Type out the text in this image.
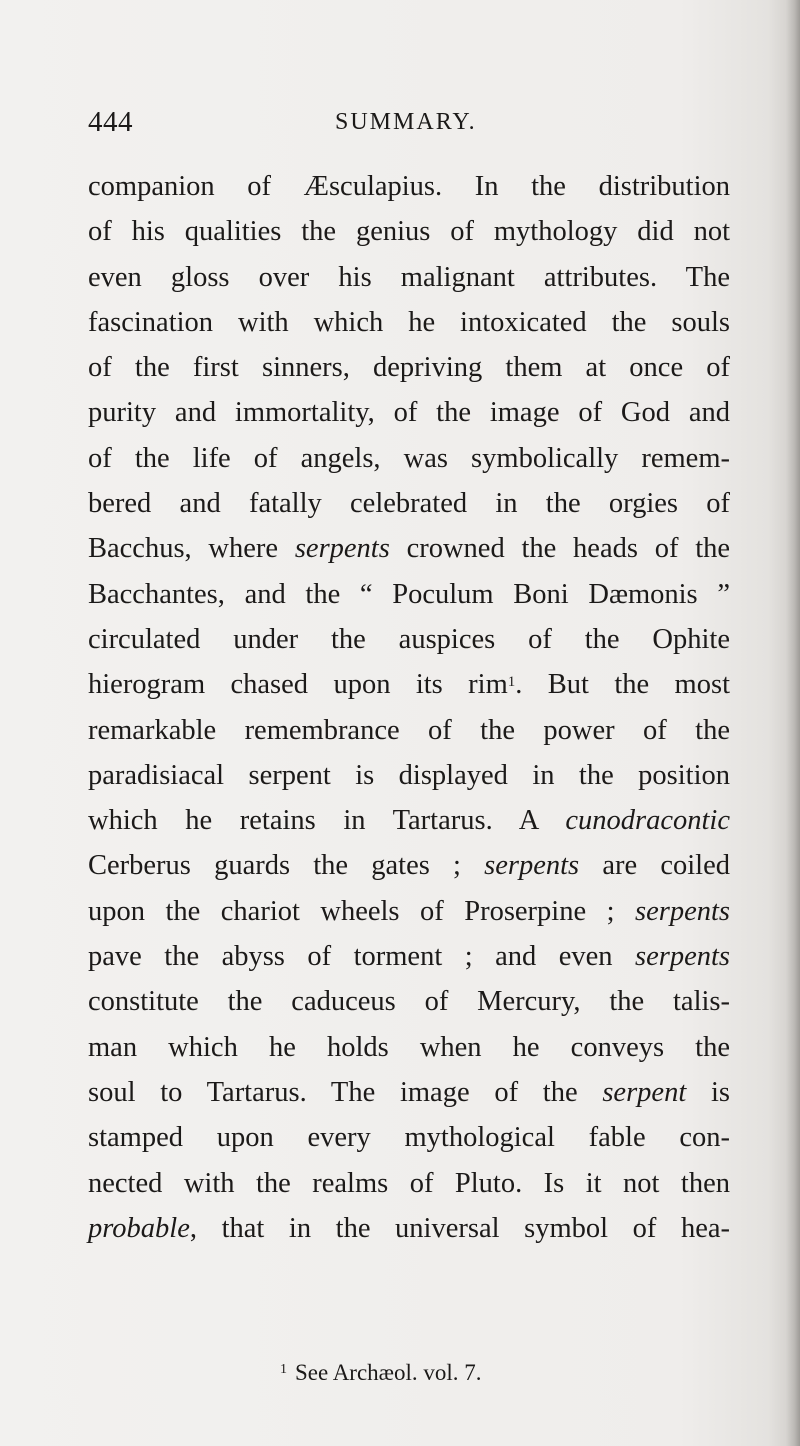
444	SUMMARY.
companion of Æsculapius. In the distribution
of his qualities the genius of mythology did not
even gloss over his malignant attributes. The
fascination with which he intoxicated the souls
of the first sinners, depriving them at once of
purity and immortality, of the image of God and
of the life of angels, was symbolically remem-
bered and fatally celebrated in the orgies of
Bacchus, where serpents crowned the heads of the
Bacchantes, and the “ Poculum Boni Dæmonis ”
circulated under the auspices of the Ophite
hierogram chased upon its rim$^1$. But the most
remarkable remembrance of the power of the
paradisiacal serpent is displayed in the position
which he retains in Tartarus. A cunodracontic
Cerberus guards the gates ; serpents are coiled
upon the chariot wheels of Proserpine ; serpents
pave the abyss of torment ; and even serpents
constitute the caduceus of Mercury, the talis-
man which he holds when he conveys the
soul to Tartarus. The image of the serpent is
stamped upon every mythological fable con-
nected with the realms of Pluto. Is it not then
probable, that in the universal symbol of hea-
$^1$ See Archæol. vol. 7.
